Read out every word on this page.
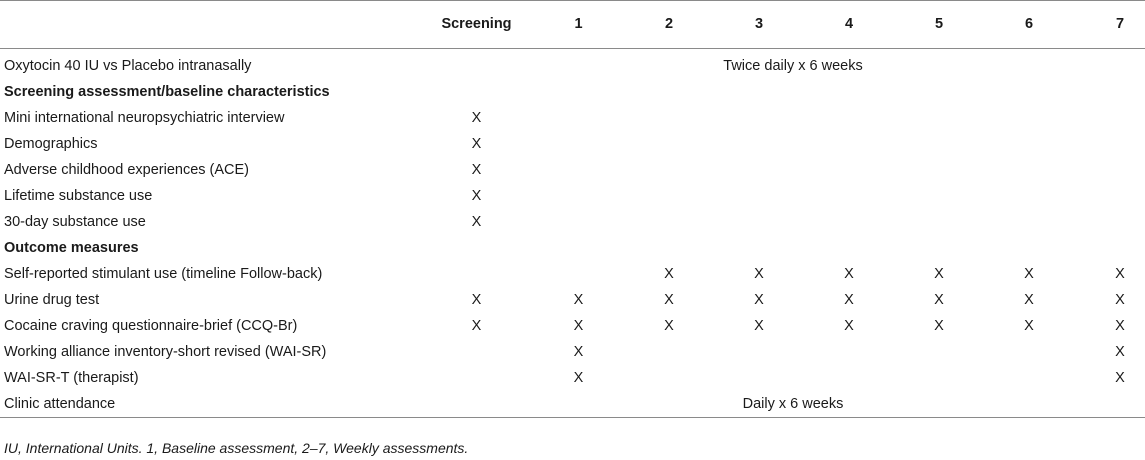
	Screening	1	2	3	4	5	6	7
Oxytocin 40 IU vs Placebo intranasally	Twice daily x 6 weeks							
Screening assessment/baseline characteristics								
Mini international neuropsychiatric interview	X							
Demographics	X							
Adverse childhood experiences (ACE)	X							
Lifetime substance use	X							
30-day substance use	X							
Outcome measures								
Self-reported stimulant use (timeline Follow-back)			X	X	X	X	X	X
Urine drug test	X	X	X	X	X	X	X	X
Cocaine craving questionnaire-brief (CCQ-Br)	X	X	X	X	X	X	X	X
Working alliance inventory-short revised (WAI-SR)		X						X
WAI-SR-T (therapist)		X						X
Clinic attendance	Daily x 6 weeks							
IU, International Units. 1, Baseline assessment, 2–7, Weekly assessments.
